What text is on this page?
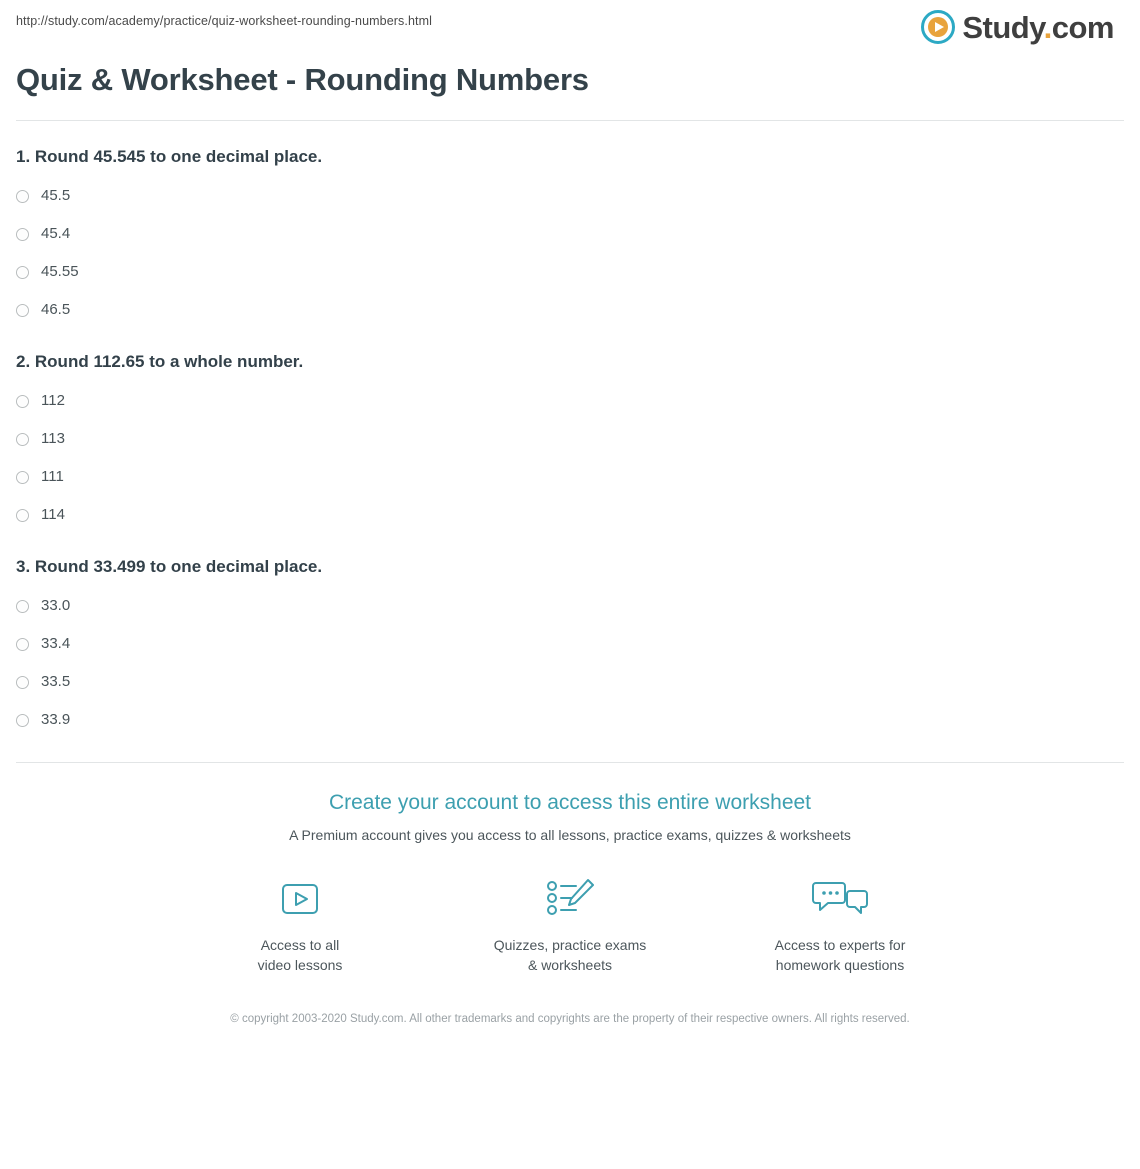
http://study.com/academy/practice/quiz-worksheet-rounding-numbers.html	Study.com
Quiz & Worksheet - Rounding Numbers
1. Round 45.545 to one decimal place.
45.5
45.4
45.55
46.5
2. Round 112.65 to a whole number.
112
113
111
114
3. Round 33.499 to one decimal place.
33.0
33.4
33.5
33.9
Create your account to access this entire worksheet
A Premium account gives you access to all lessons, practice exams, quizzes & worksheets
Access to all
video lessons
Quizzes, practice exams
& worksheets
Access to experts for
homework questions
© copyright 2003-2020 Study.com. All other trademarks and copyrights are the property of their respective owners. All rights reserved.
